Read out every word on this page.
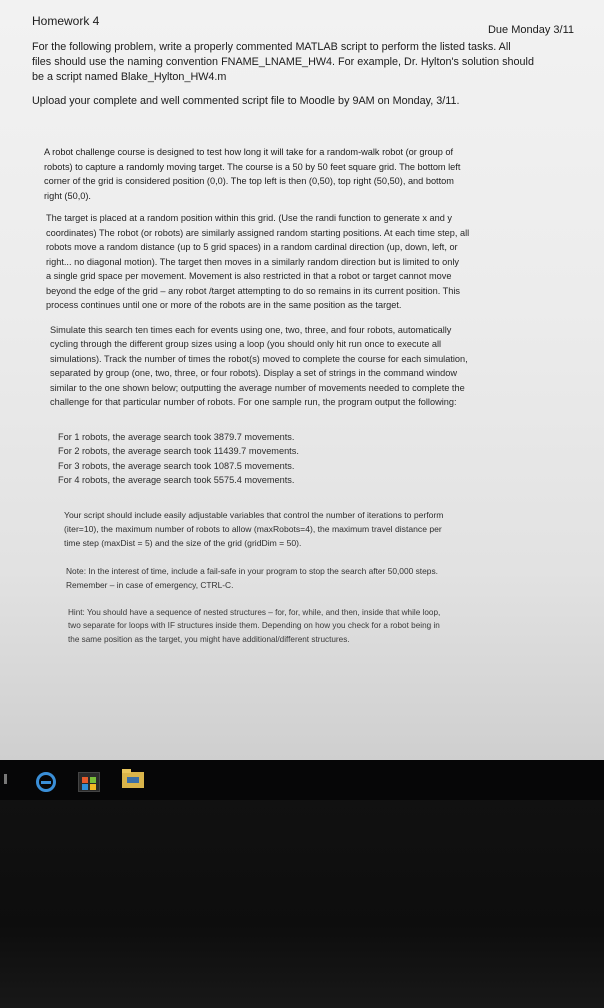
Homework 4
Due Monday 3/11
For the following problem, write a properly commented MATLAB script to perform the listed tasks. All
files should use the naming convention FNAME_LNAME_HW4. For example, Dr. Hylton's solution should
be a script named Blake_Hylton_HW4.m
Upload your complete and well commented script file to Moodle by 9AM on Monday, 3/11.
A robot challenge course is designed to test how long it will take for a random-walk robot (or group of
robots) to capture a randomly moving target. The course is a 50 by 50 feet square grid. The bottom left
corner of the grid is considered position (0,0). The top left is then (0,50), top right (50,50), and bottom
right (50,0).
The target is placed at a random position within this grid. (Use the randi function to generate x and y
coordinates) The robot (or robots) are similarly assigned random starting positions. At each time step, all
robots move a random distance (up to 5 grid spaces) in a random cardinal direction (up, down, left, or
right... no diagonal motion). The target then moves in a similarly random direction but is limited to only
a single grid space per movement. Movement is also restricted in that a robot or target cannot move
beyond the edge of the grid – any robot /target attempting to do so remains in its current position. This
process continues until one or more of the robots are in the same position as the target.
Simulate this search ten times each for events using one, two, three, and four robots, automatically
cycling through the different group sizes using a loop (you should only hit run once to execute all
simulations). Track the number of times the robot(s) moved to complete the course for each simulation,
separated by group (one, two, three, or four robots). Display a set of strings in the command window
similar to the one shown below; outputting the average number of movements needed to complete the
challenge for that particular number of robots. For one sample run, the program output the following:
For 1 robots, the average search took 3879.7 movements.
For 2 robots, the average search took 11439.7 movements.
For 3 robots, the average search took 1087.5 movements.
For 4 robots, the average search took 5575.4 movements.
Your script should include easily adjustable variables that control the number of iterations to perform
(iter=10), the maximum number of robots to allow (maxRobots=4), the maximum travel distance per
time step (maxDist = 5) and the size of the grid (gridDim = 50).
Note: In the interest of time, include a fail-safe in your program to stop the search after 50,000 steps.
Remember – in case of emergency, CTRL-C.
Hint: You should have a sequence of nested structures – for, for, while, and then, inside that while loop,
two separate for loops with IF structures inside them. Depending on how you check for a robot being in
the same position as the target, you might have additional/different structures.
